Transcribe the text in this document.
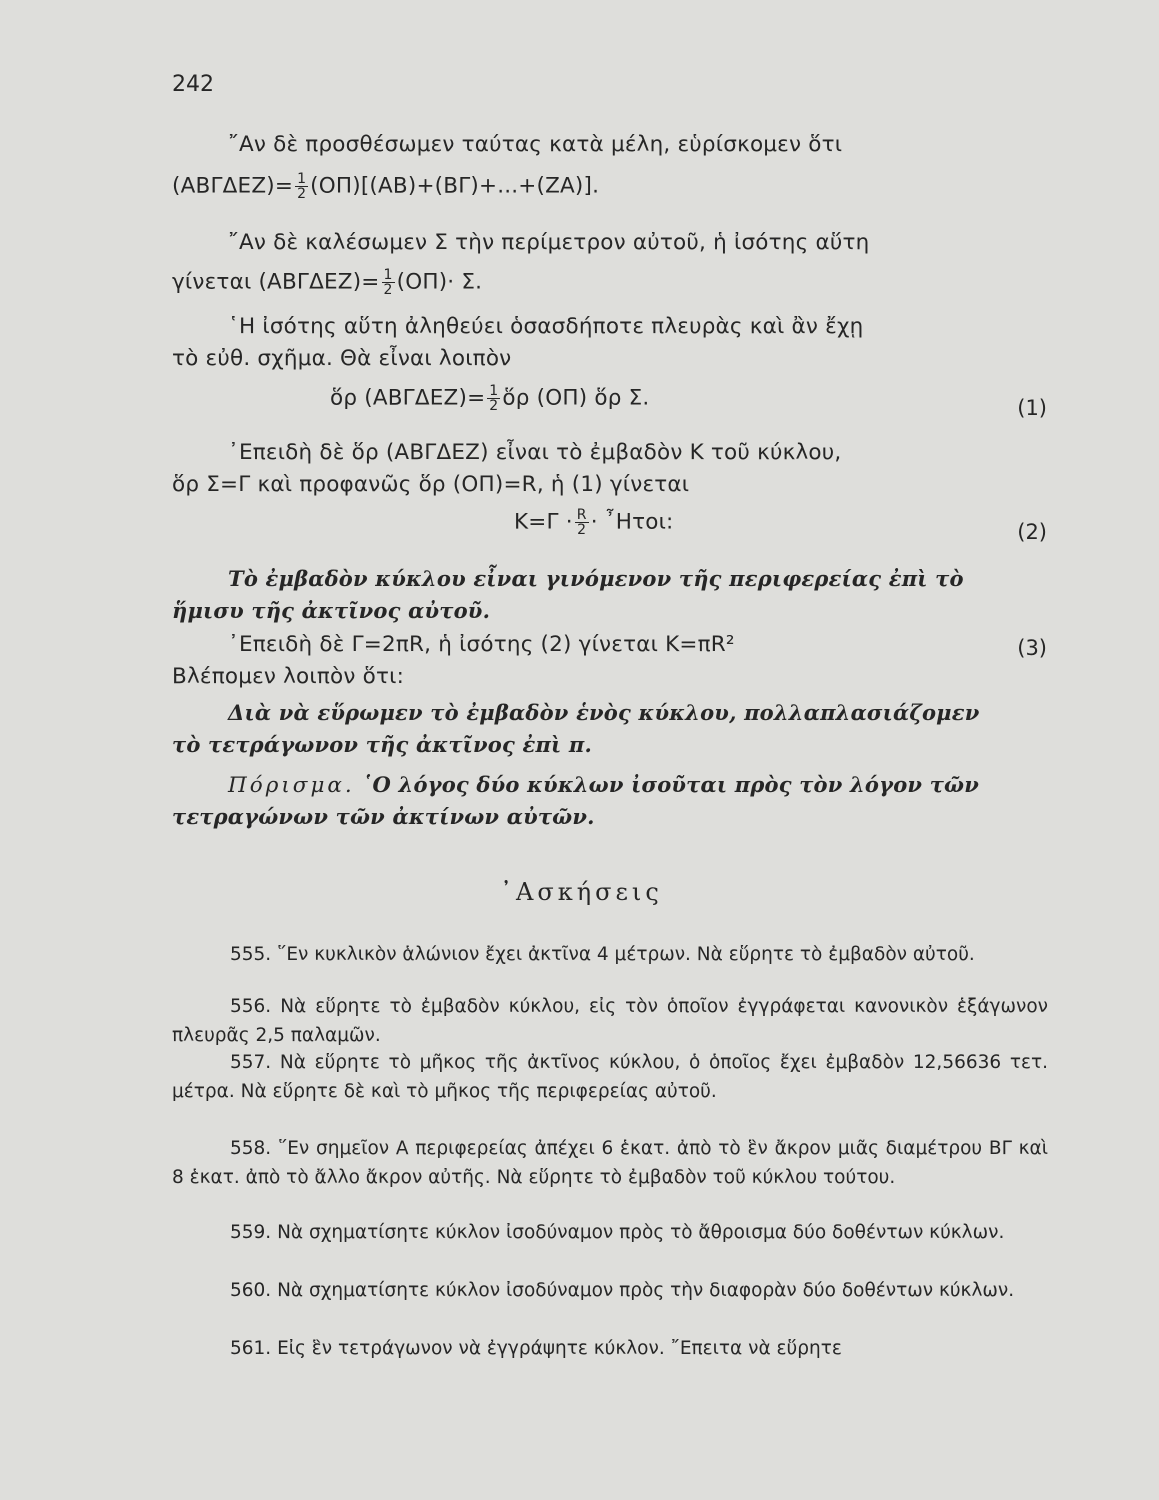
242
῎Αν δὲ προσθέσωμεν ταύτας κατὰ μέλη, εὑρίσκομεν ὅτι
$(AB\Gamma\Delta EZ)= \frac{1}{2} (O\Pi)[(AB)+(B\Gamma)+...+(ZA)]$.
῎Αν δὲ καλέσωμεν Σ τὴν περίμετρον αὐτοῦ, ἡ ἰσότης αὕτη
γίνεται $(AB\Gamma\Delta EZ)= \frac{1}{2} (O\Pi)\cdot \Sigma$.
῾Η ἰσότης αὕτη ἀληθεύει ὁσασδήποτε πλευρὰς καὶ ἂν ἔχῃ
τὸ εὐθ. σχῆμα. Θὰ εἶναι λοιπὸν
ὅρ $(AB\Gamma\Delta EZ)= \frac{1}{2}$ ὅρ (ΟΠ) ὅρ Σ.	(1)
᾿Επειδὴ δὲ ὅρ (ΑΒΓΔΕΖ) εἶναι τὸ ἐμβαδὸν Κ τοῦ κύκλου,
ὅρ Σ=Γ καὶ προφανῶς ὅρ (ΟΠ)=R, ἡ (1) γίνεται
$K=\Gamma \cdot \frac{R}{2}$ · ῏Ητοι:	(2)
Τὸ ἐμβαδὸν κύκλου εἶναι γινόμενον τῆς περιφερείας ἐπὶ τὸ
ἥμισυ τῆς ἀκτῖνος αὐτοῦ.
᾿Επειδὴ δὲ Γ=2πR, ἡ ἰσότης (2) γίνεται Κ=πR²	(3)
Βλέπομεν λοιπὸν ὅτι:
Διὰ νὰ εὕρωμεν τὸ ἐμβαδὸν ἑνὸς κύκλου, πολλαπλασιάζομεν
τὸ τετράγωνον τῆς ἀκτῖνος ἐπὶ π.
Πόρισμα. ῾Ο λόγος δύο κύκλων ἰσοῦται πρὸς τὸν λόγον τῶν
τετραγώνων τῶν ἀκτίνων αὐτῶν.
᾿Ασκήσεις
555. ῞Εν κυκλικὸν ἁλώνιον ἔχει ἀκτῖνα 4 μέτρων. Νὰ εὕρητε τὸ ἐμβαδὸν αὐτοῦ.
556. Νὰ εὕρητε τὸ ἐμβαδὸν κύκλου, εἰς τὸν ὁποῖον ἐγγράφεται κανονικὸν ἑξάγωνον πλευρᾶς 2,5 παλαμῶν.
557. Νὰ εὕρητε τὸ μῆκος τῆς ἀκτῖνος κύκλου, ὁ ὁποῖος ἔχει ἐμβαδὸν 12,56636 τετ. μέτρα. Νὰ εὕρητε δὲ καὶ τὸ μῆκος τῆς περιφερείας αὐτοῦ.
558. ῞Εν σημεῖον Α περιφερείας ἀπέχει 6 ἑκατ. ἀπὸ τὸ ἓν ἄκρον μιᾶς διαμέτρου ΒΓ καὶ 8 ἑκατ. ἀπὸ τὸ ἄλλο ἄκρον αὐτῆς. Νὰ εὕρητε τὸ ἐμβαδὸν τοῦ κύκλου τούτου.
559. Νὰ σχηματίσητε κύκλον ἰσοδύναμον πρὸς τὸ ἄθροισμα δύο δοθέντων κύκλων.
560. Νὰ σχηματίσητε κύκλον ἰσοδύναμον πρὸς τὴν διαφορὰν δύο δοθέντων κύκλων.
561. Εἰς ἓν τετράγωνον νὰ ἐγγράψητε κύκλον. ῎Επειτα νὰ εὕρητε
